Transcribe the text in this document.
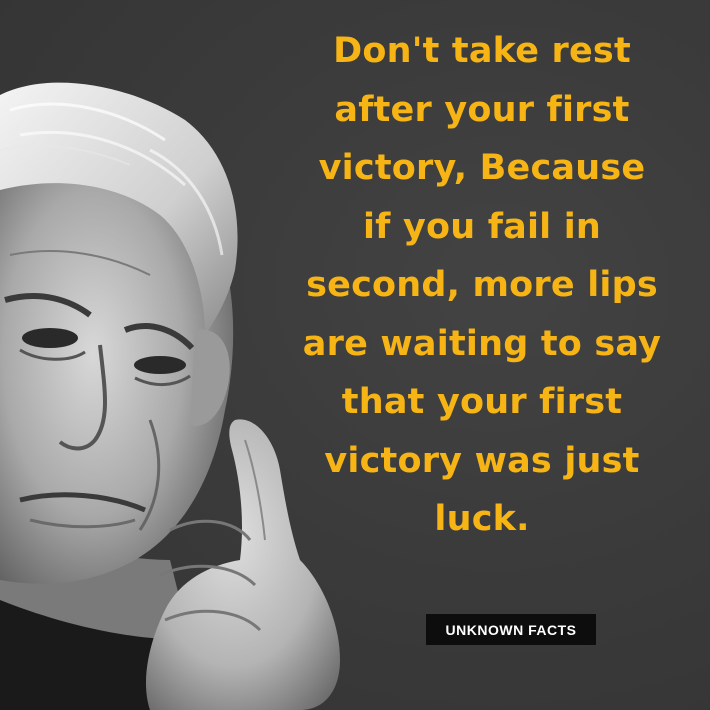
Don't take rest
after your first
victory, Because
if you fail in
second, more lips
are waiting to say
that your first
victory was just
luck.

UNKNOWN FACTS
